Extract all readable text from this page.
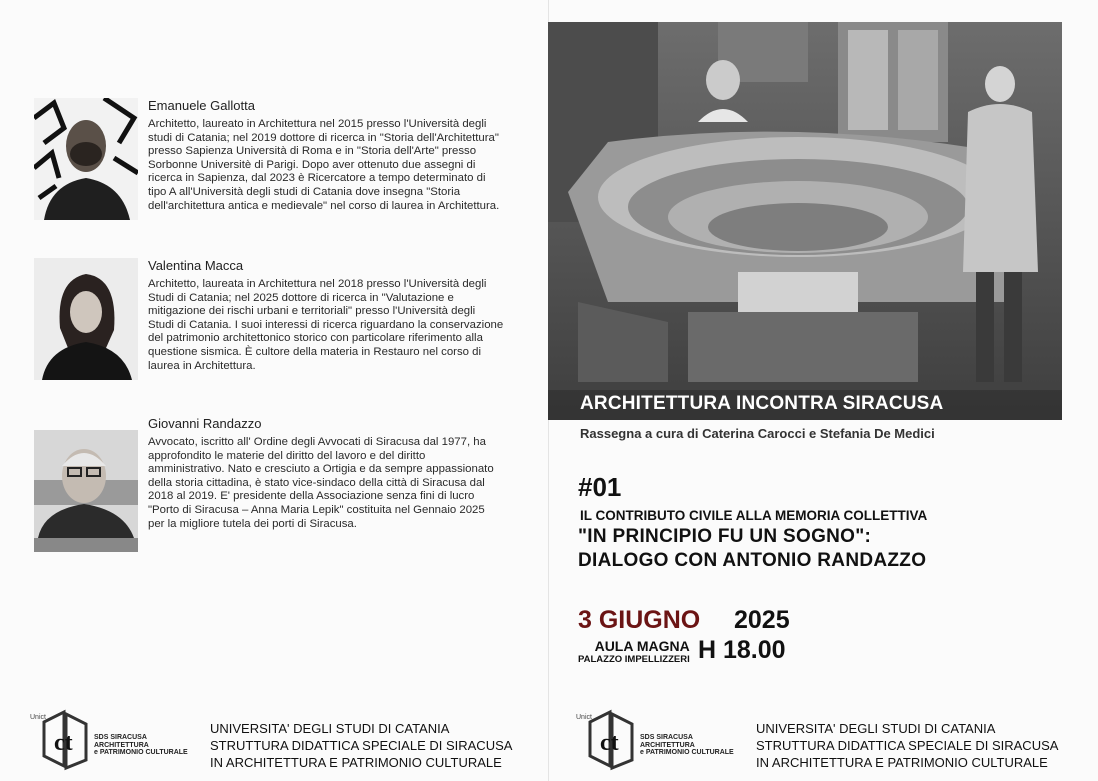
Emanuele Gallotta
Architetto, laureato in Architettura nel 2015 presso l'Università degli studi di Catania; nel 2019 dottore di ricerca in "Storia dell'Architettura" presso Sapienza Università di Roma e in "Storia dell'Arte" presso Sorbonne Universitè di Parigi. Dopo aver ottenuto due assegni di ricerca in Sapienza, dal 2023 è Ricercatore a tempo determinato di tipo A all'Università degli studi di Catania dove insegna "Storia dell'architettura antica e medievale" nel corso di laurea in Architettura.
Valentina Macca
Architetto, laureata in Architettura nel 2018 presso l'Università degli Studi di Catania; nel 2025 dottore di ricerca in "Valutazione e mitigazione dei rischi urbani e territoriali" presso l'Università degli Studi di Catania. I suoi interessi di ricerca riguardano la conservazione del patrimonio architettonico storico con particolare riferimento alla questione sismica. È cultore della materia in Restauro nel corso di laurea in Architettura.
Giovanni Randazzo
Avvocato, iscritto all' Ordine degli Avvocati di Siracusa dal 1977, ha approfondito le materie del diritto del lavoro e del diritto amministrativo. Nato e cresciuto a Ortigia e da sempre appassionato della storia cittadina, è stato vice-sindaco della città di Siracusa dal 2018 al 2019. E' presidente della Associazione senza fini di lucro "Porto di Siracusa – Anna Maria Lepik" costituita nel Gennaio 2025 per la migliore tutela dei porti di Siracusa.
ARCHITETTURA INCONTRA SIRACUSA
Rassegna a cura di Caterina Carocci e Stefania De Medici
#01
IL CONTRIBUTO CIVILE ALLA MEMORIA COLLETTIVA
"IN PRINCIPIO FU UN SOGNO":
DIALOGO CON ANTONIO RANDAZZO
3 GIUGNO 2025
AULA MAGNA
PALAZZO IMPELLIZZERI H 18.00
ct
Unict
SDS SIRACUSA
ARCHITETTURA
e PATRIMONIO CULTURALE
UNIVERSITA' DEGLI STUDI DI CATANIA
STRUTTURA DIDATTICA SPECIALE DI SIRACUSA
IN ARCHITETTURA E PATRIMONIO CULTURALE
ct
Unict
SDS SIRACUSA
ARCHITETTURA
e PATRIMONIO CULTURALE
UNIVERSITA' DEGLI STUDI DI CATANIA
STRUTTURA DIDATTICA SPECIALE DI SIRACUSA
IN ARCHITETTURA E PATRIMONIO CULTURALE
